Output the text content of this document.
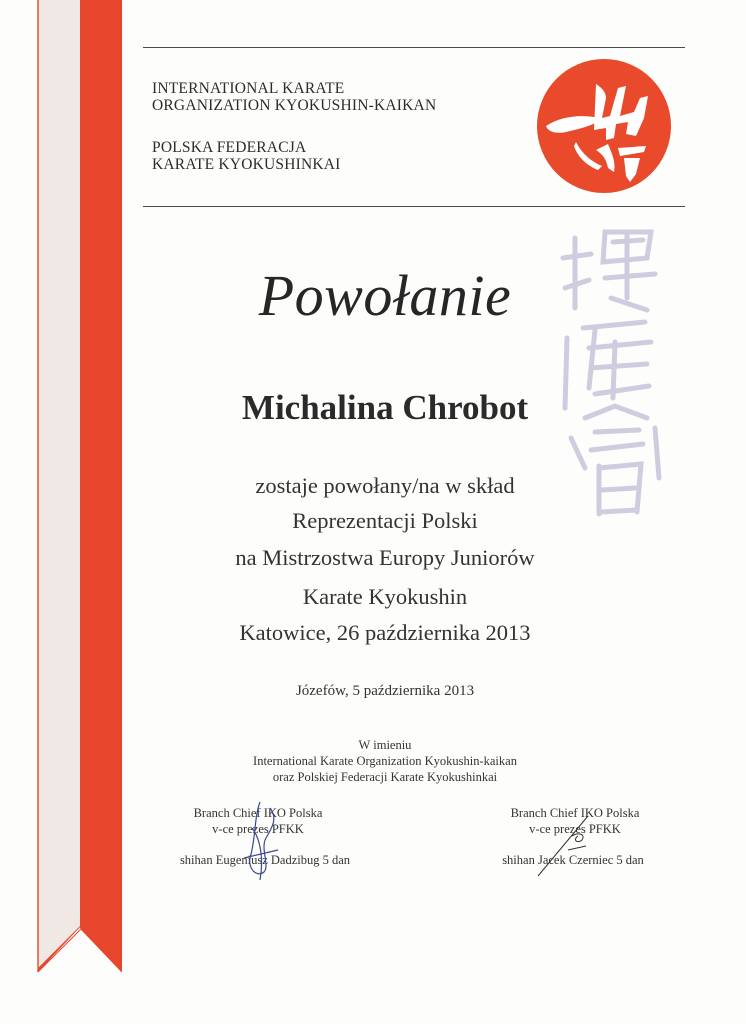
INTERNATIONAL KARATE
ORGANIZATION KYOKUSHIN-KAIKAN
POLSKA FEDERACJA
KARATE KYOKUSHINKAI
Powołanie
Michalina Chrobot
zostaje powołany/na w skład
Reprezentacji Polski
na Mistrzostwa Europy Juniorów
Karate Kyokushin
Katowice, 26 października 2013
Józefów, 5 października 2013
W imieniu
International Karate Organization Kyokushin-kaikan
oraz Polskiej Federacji Karate Kyokushinkai
Branch Chief IKO Polska
v-ce prezes PFKK
shihan Eugeniusz Dadzibug 5 dan
Branch Chief IKO Polska
v-ce prezes PFKK
shihan Jacek Czerniec 5 dan
